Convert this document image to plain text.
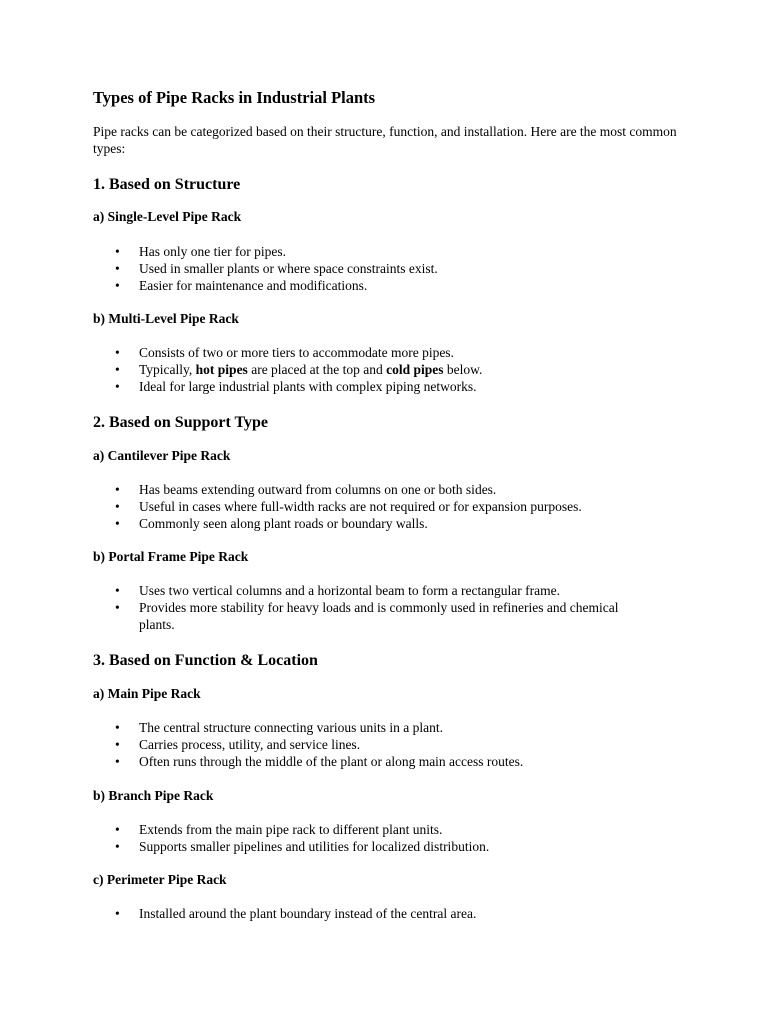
Types of Pipe Racks in Industrial Plants

Pipe racks can be categorized based on their structure, function, and installation. Here are the most common types:

1. Based on Structure
a) Single-Level Pipe Rack
• Has only one tier for pipes.
• Used in smaller plants or where space constraints exist.
• Easier for maintenance and modifications.
b) Multi-Level Pipe Rack
• Consists of two or more tiers to accommodate more pipes.
• Typically, hot pipes are placed at the top and cold pipes below.
• Ideal for large industrial plants with complex piping networks.
2. Based on Support Type
a) Cantilever Pipe Rack
• Has beams extending outward from columns on one or both sides.
• Useful in cases where full-width racks are not required or for expansion purposes.
• Commonly seen along plant roads or boundary walls.
b) Portal Frame Pipe Rack
• Uses two vertical columns and a horizontal beam to form a rectangular frame.
• Provides more stability for heavy loads and is commonly used in refineries and chemical plants.
3. Based on Function & Location
a) Main Pipe Rack
• The central structure connecting various units in a plant.
• Carries process, utility, and service lines.
• Often runs through the middle of the plant or along main access routes.
b) Branch Pipe Rack
• Extends from the main pipe rack to different plant units.
• Supports smaller pipelines and utilities for localized distribution.
c) Perimeter Pipe Rack
• Installed around the plant boundary instead of the central area.
